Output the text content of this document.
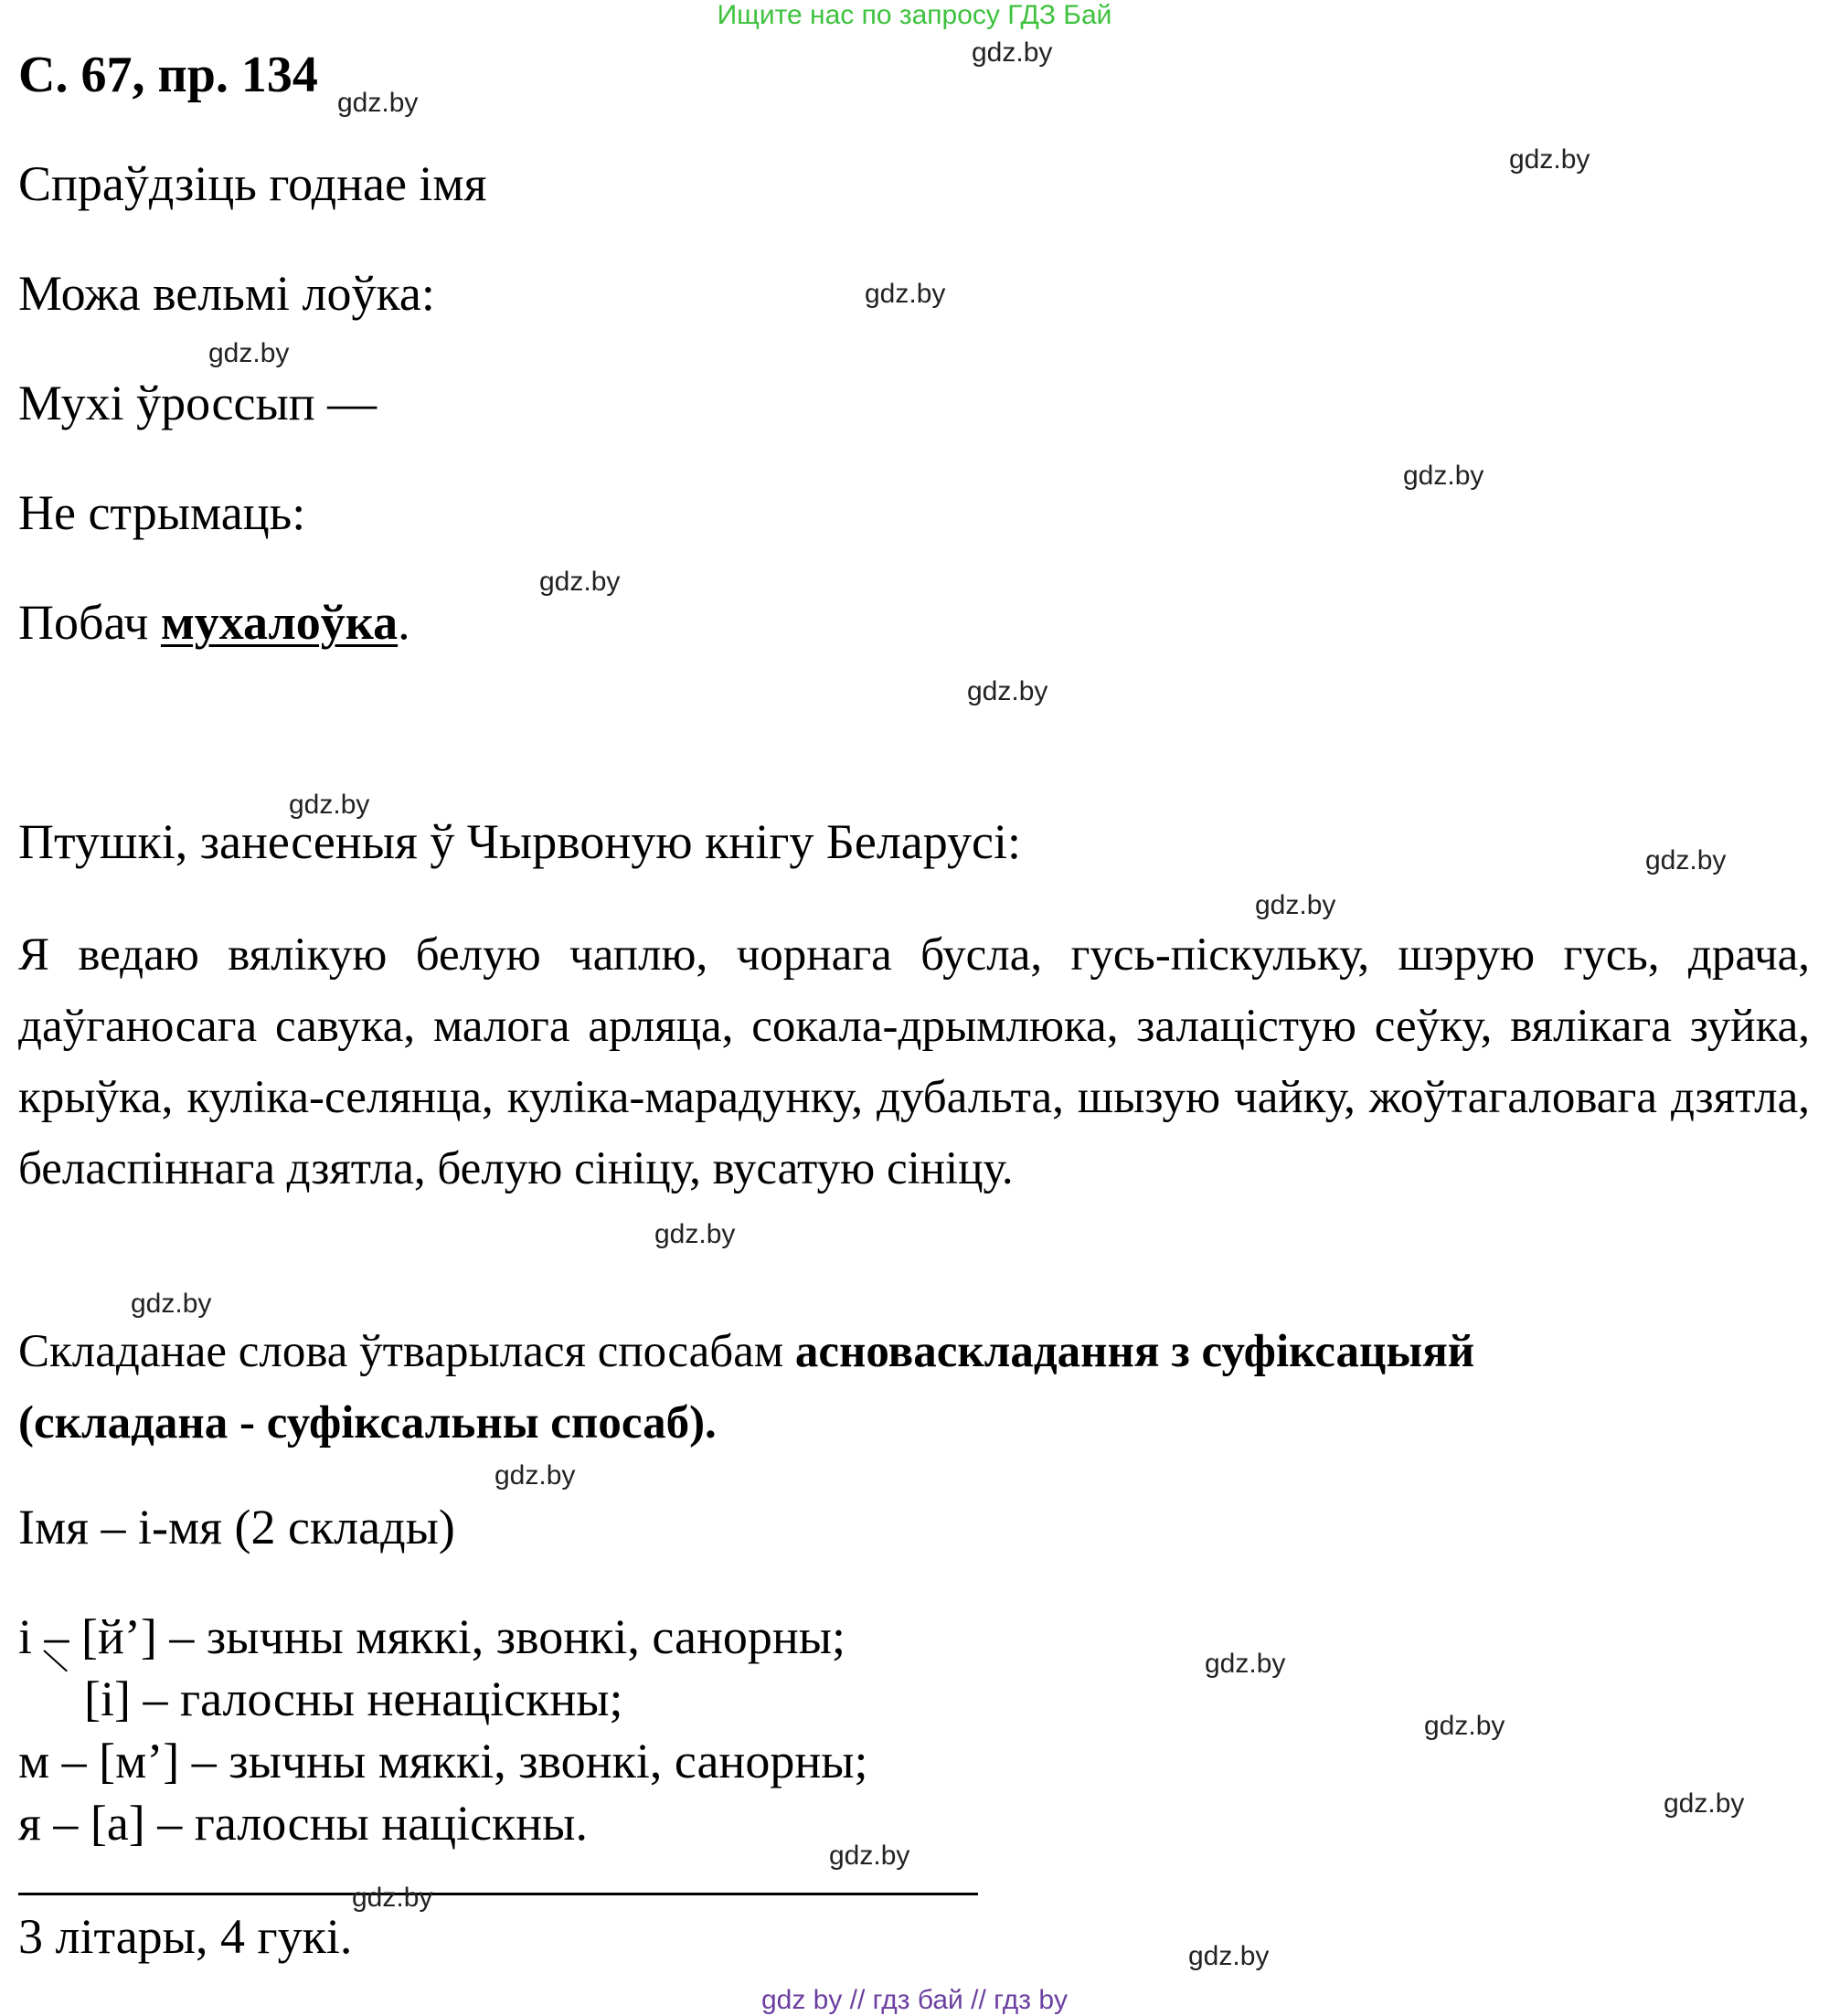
Ищите нас по запросу ГДЗ Бай
С. 67, пр. 134
Спраўдзіць годнае імя
Можа вельмі лоўка:
Мухі ўроссып —
Не стрымаць:
Побач мухалоўка.
Птушкі, занесеныя ў Чырвоную кнігу Беларусі:
Я ведаю вялікую белую чаплю, чорнага бусла, гусь-піскульку, шэрую гусь, драча, даўганосага савука, малога арляца, сокала-дрымлюка, залацістую сеўку, вялікага зуйка, крыўка, куліка-селянца, куліка-марадунку, дубальта, шызую чайку, жоўтагаловага дзятла, беласпіннага дзятла, белую сініцу, вусатую сініцу.
Складанае слова ўтварылася спосабам асноваскладання з суфіксацыяй
(складана - суфіксальны спосаб).
Імя – і-мя (2 склады)
і – [й’] – зычны мяккі, звонкі, санорны;
[і] – галосны ненаціскны;
м – [м’] – зычны мяккі, звонкі, санорны;
я – [а] – галосны націскны.
3 літары, 4 гукі.
gdz.by
gdz.by
gdz.by
gdz.by
gdz.by
gdz.by
gdz.by
gdz.by
gdz.by
gdz.by
gdz.by
gdz.by
gdz.by
gdz.by
gdz.by
gdz.by
gdz.by
gdz.by
gdz.by
gdz.by
gdz by // гдз бай // гдз by
